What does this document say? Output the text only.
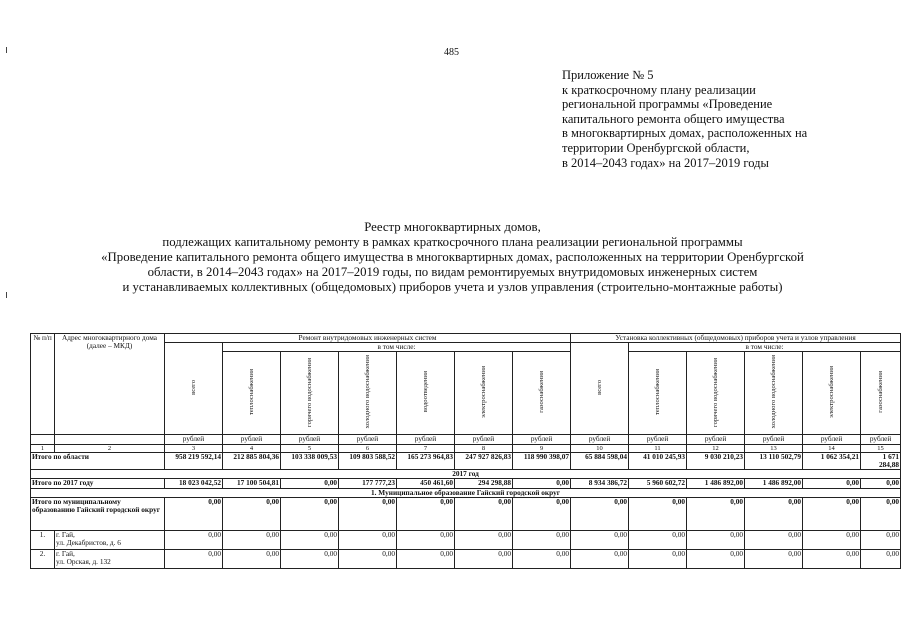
485
Приложение № 5
к краткосрочному плану реализации
региональной программы «Проведение
капитального ремонта общего имущества
в многоквартирных домах, расположенных на
территории Оренбургской области,
в 2014–2043 годах» на 2017–2019 годы
Реестр многоквартирных домов,
подлежащих капитальному ремонту в рамках краткосрочного плана реализации региональной программы
«Проведение капитального ремонта общего имущества в многоквартирных домах, расположенных на территории Оренбургской
области, в 2014–2043 годах» на 2017–2019 годы, по видам ремонтируемых внутридомовых инженерных систем
и устанавливаемых коллективных (общедомовых) приборов учета и узлов управления (строительно-монтажные работы)
№ п/п	Адрес многоквартирного дома (далее – МКД)	Ремонт внутридомовых инженерных систем							Установка коллективных (общедомовых) приборов учета и узлов управления					
		всего	в том числе:						всего	в том числе:				
			теплоснабжения	горячего водоснабжения	холодного водоснабжения	водоотведения	электроснабжения	газоснабжения		теплоснабжения	горячего водоснабжения	холодного водоснабжения	электроснабжения	газоснабжения
		рублей	рублей	рублей	рублей	рублей	рублей	рублей	рублей	рублей	рублей	рублей	рублей	рублей
1	2	3	4	5	6	7	8	9	10	11	12	13	14	15
Итого по области		958 219 592,14	212 885 804,36	103 338 009,53	109 803 588,52	165 273 964,83	247 927 826,83	118 990 398,07	65 884 598,04	41 010 245,93	9 030 210,23	13 110 502,79	1 062 354,21	1 671 284,88
2017 год														
Итого по 2017 году		18 023 042,52	17 100 504,81	0,00	177 777,23	450 461,60	294 298,88	0,00	8 934 386,72	5 960 602,72	1 486 892,00	1 486 892,00	0,00	0,00
1. Муниципальное образование Гайский городской округ														
Итого по муниципальному образованию Гайский городской округ		0,00	0,00	0,00	0,00	0,00	0,00	0,00	0,00	0,00	0,00	0,00	0,00	0,00
1.	г. Гай,
ул. Декабристов, д. 6	0,00	0,00	0,00	0,00	0,00	0,00	0,00	0,00	0,00	0,00	0,00	0,00	0,00
2.	г. Гай,
ул. Орская, д. 132	0,00	0,00	0,00	0,00	0,00	0,00	0,00	0,00	0,00	0,00	0,00	0,00	0,00
